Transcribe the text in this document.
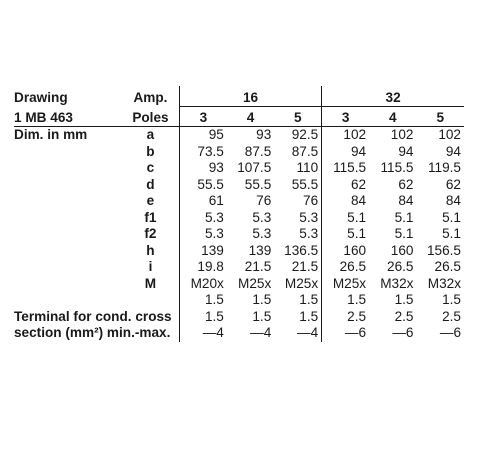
Drawing	Amp.	16			32		
1 MB 463	Poles	3	4	5	3	4	5
Dim. in mm	a	95	93	92.5	102	102	102
	b	73.5	87.5	87.5	94	94	94
	c	93	107.5	110	115.5	115.5	119.5
	d	55.5	55.5	55.5	62	62	62
	e	61	76	76	84	84	84
	f1	5.3	5.3	5.3	5.1	5.1	5.1
	f2	5.3	5.3	5.3	5.1	5.1	5.1
	h	139	139	136.5	160	160	156.5
	i	19.8	21.5	21.5	26.5	26.5	26.5
	M	M20x	M25x	M25x	M25x	M32x	M32x
		1.5	1.5	1.5	1.5	1.5	1.5
Terminal for cond. cross		1.5	1.5	1.5	2.5	2.5	2.5
section (mm²) min.-max.		—4	—4	—4	—6	—6	—6
